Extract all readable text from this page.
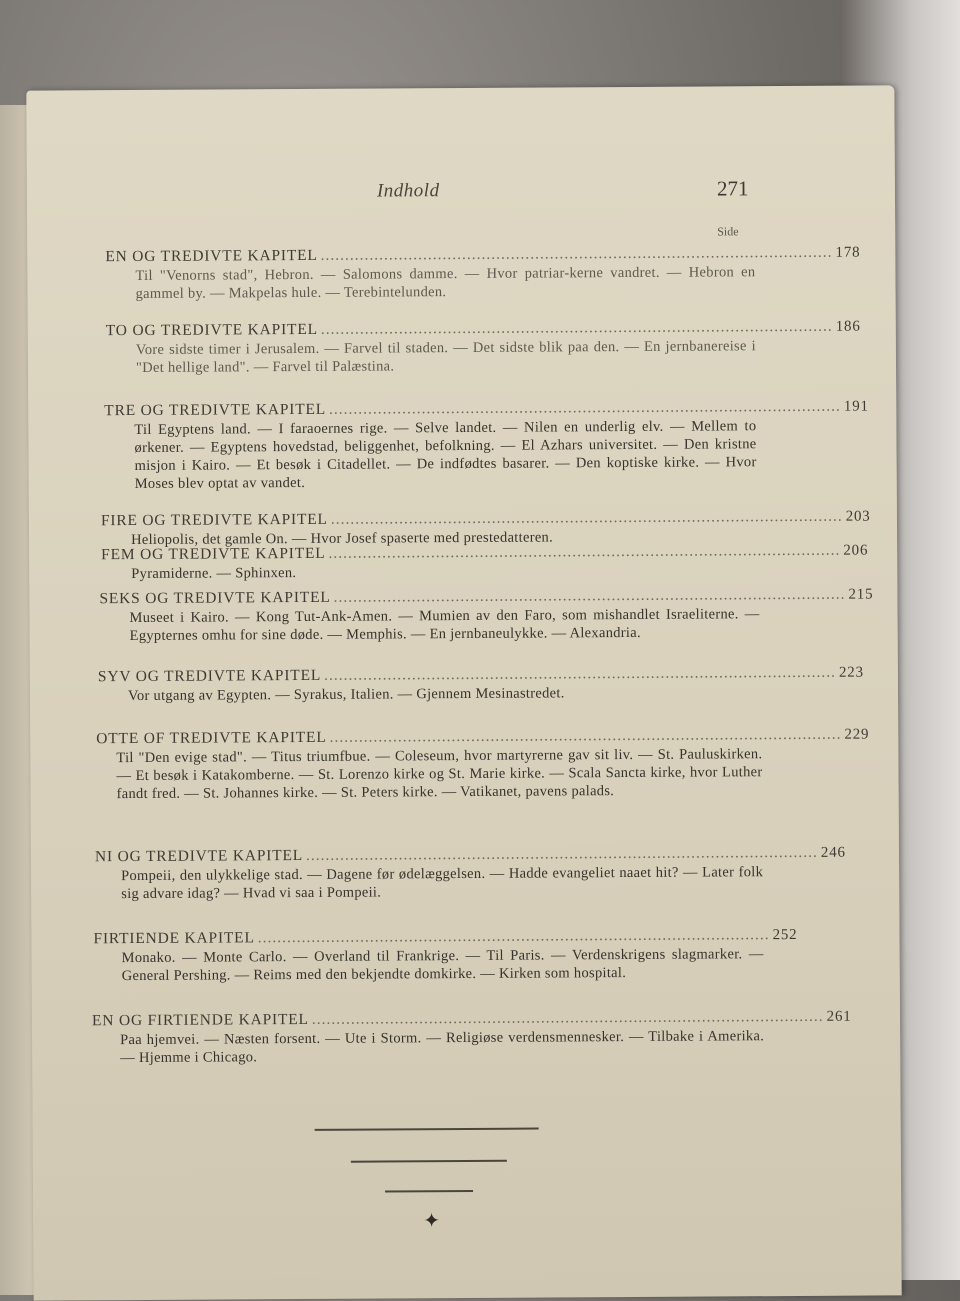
Indhold	271
Side
EN OG TREDIVTE KAPITEL ......................................................................................................... 178
Til "Venorns stad", Hebron. — Salomons damme. — Hvor patriar-kerne vandret. — Hebron en gammel by. — Makpelas hule. — Terebintelunden.
TO OG TREDIVTE KAPITEL ......................................................................................................... 186
Vore sidste timer i Jerusalem. — Farvel til staden. — Det sidste blik paa den. — En jernbanereise i "Det hellige land". — Farvel til Palæstina.
TRE OG TREDIVTE KAPITEL ......................................................................................................... 191
Til Egyptens land. — I faraoernes rige. — Selve landet. — Nilen en underlig elv. — Mellem to ørkener. — Egyptens hovedstad, beliggenhet, befolkning. — El Azhars universitet. — Den kristne misjon i Kairo. — Et besøk i Citadellet. — De indfødtes basarer. — Den koptiske kirke. — Hvor Moses blev optat av vandet.
FIRE OG TREDIVTE KAPITEL ......................................................................................................... 203
Heliopolis, det gamle On. — Hvor Josef spaserte med prestedatteren.
FEM OG TREDIVTE KAPITEL ......................................................................................................... 206
Pyramiderne. — Sphinxen.
SEKS OG TREDIVTE KAPITEL ......................................................................................................... 215
Museet i Kairo. — Kong Tut-Ank-Amen. — Mumien av den Faro, som mishandlet Israeliterne. — Egypternes omhu for sine døde. — Memphis. — En jernbaneulykke. — Alexandria.
SYV OG TREDIVTE KAPITEL ......................................................................................................... 223
Vor utgang av Egypten. — Syrakus, Italien. — Gjennem Mesinastredet.
OTTE OF TREDIVTE KAPITEL ......................................................................................................... 229
Til "Den evige stad". — Titus triumfbue. — Coleseum, hvor martyrerne gav sit liv. — St. Pauluskirken. — Et besøk i Katakomberne. — St. Lorenzo kirke og St. Marie kirke. — Scala Sancta kirke, hvor Luther fandt fred. — St. Johannes kirke. — St. Peters kirke. — Vatikanet, pavens palads.
NI OG TREDIVTE KAPITEL ......................................................................................................... 246
Pompeii, den ulykkelige stad. — Dagene før ødelæggelsen. — Hadde evangeliet naaet hit? — Later folk sig advare idag? — Hvad vi saa i Pompeii.
FIRTIENDE KAPITEL ......................................................................................................... 252
Monako. — Monte Carlo. — Overland til Frankrige. — Til Paris. — Verdenskrigens slagmarker. — General Pershing. — Reims med den bekjendte domkirke. — Kirken som hospital.
EN OG FIRTIENDE KAPITEL ......................................................................................................... 261
Paa hjemvei. — Næsten forsent. — Ute i Storm. — Religiøse verdensmennesker. — Tilbake i Amerika. — Hjemme i Chicago.
✦
